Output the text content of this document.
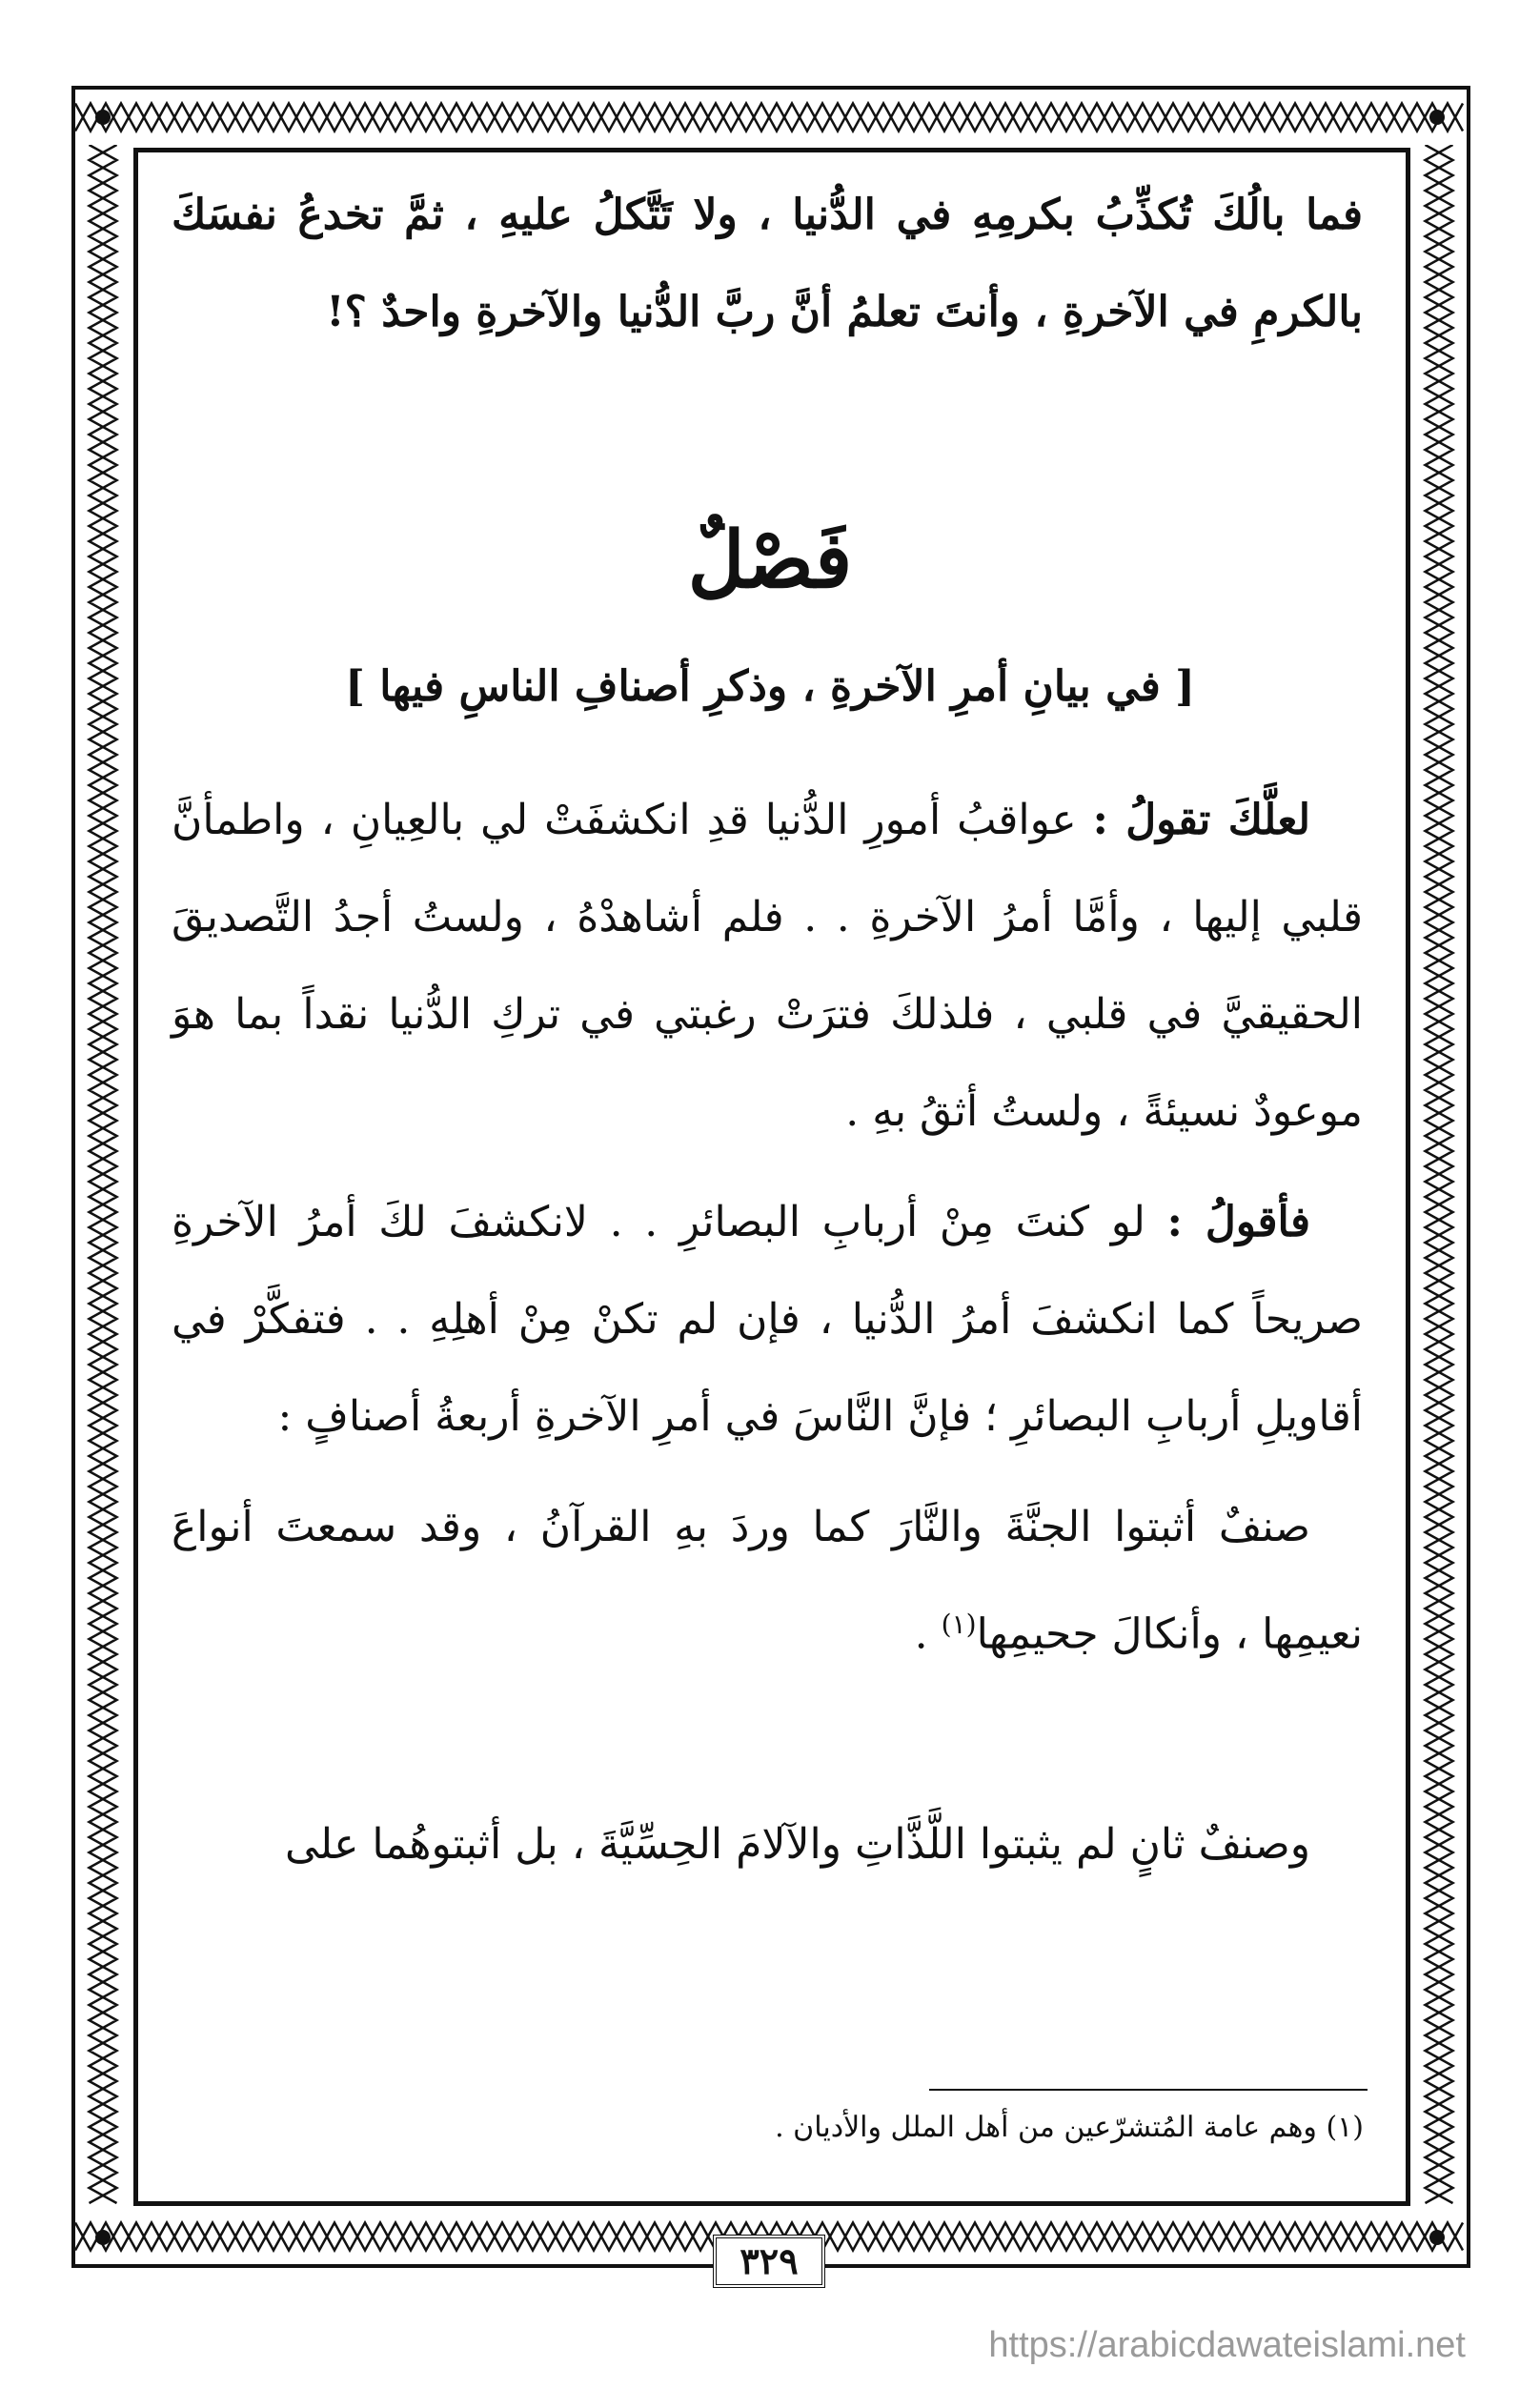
فما بالُكَ تُكذِّبُ بكرمِهِ في الدُّنيا ، ولا تَتَّكلُ عليهِ ، ثمَّ تخدعُ نفسَكَ بالكرمِ في الآخرةِ ، وأنتَ تعلمُ أنَّ ربَّ الدُّنيا والآخرةِ واحدٌ ؟!

فَصْلٌ
[ في بيانِ أمرِ الآخرةِ ، وذكرِ أصنافِ الناسِ فيها ]

لعلَّكَ تقولُ : عواقبُ أمورِ الدُّنيا قدِ انكشفَتْ لي بالعِيانِ ، واطمأنَّ قلبي إليها ، وأمَّا أمرُ الآخرةِ . . فلم أشاهدْهُ ، ولستُ أجدُ التَّصديقَ الحقيقيَّ في قلبي ، فلذلكَ فترَتْ رغبتي في تركِ الدُّنيا نقداً بما هوَ موعودٌ نسيئةً ، ولستُ أثقُ بهِ .

فأقولُ : لو كنتَ مِنْ أربابِ البصائرِ . . لانكشفَ لكَ أمرُ الآخرةِ صريحاً كما انكشفَ أمرُ الدُّنيا ، فإن لم تكنْ مِنْ أهلِهِ . . فتفكَّرْ في أقاويلِ أربابِ البصائرِ ؛ فإنَّ النَّاسَ في أمرِ الآخرةِ أربعةُ أصنافٍ :

صنفٌ أثبتوا الجنَّةَ والنَّارَ كما وردَ بهِ القرآنُ ، وقد سمعتَ أنواعَ نعيمِها ، وأنكالَ جحيمِها$^{(١)}$ .

وصنفٌ ثانٍ لم يثبتوا اللَّذَّاتِ والآلامَ الحِسِّيَّةَ ، بل أثبتوهُما على

(١) وهم عامة المُتشرّعين من أهل الملل والأديان .
٣٢٩
https://arabicdawateislami.net
